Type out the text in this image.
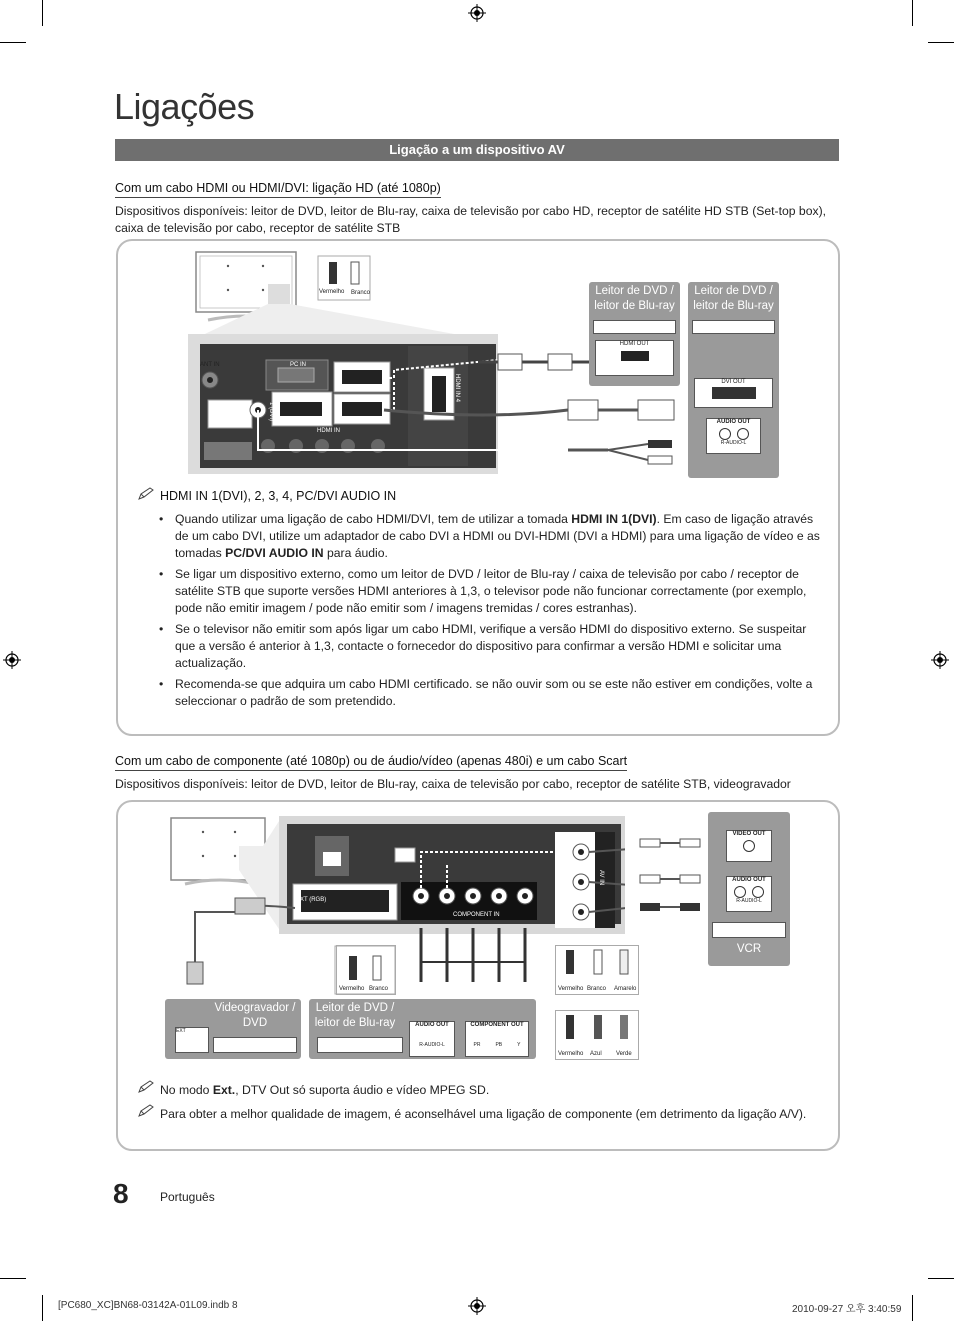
Ligações
Ligação a um dispositivo AV
Com um cabo HDMI ou HDMI/DVI: ligação HD (até 1080p)
Dispositivos disponíveis: leitor de DVD, leitor de Blu-ray, caixa de televisão por cabo HD, receptor de satélite HD STB (Set-top box), caixa de televisão por cabo, receptor de satélite STB
Vermelho Branco
PC / DVI AUDIO IN
HDMI IN
HDMI IN 4
1 (DVI)
PC IN
ANT IN
Leitor de DVD / leitor de Blu-ray
HDMI OUT
Leitor de DVD / leitor de Blu-ray
DVI OUT
AUDIO OUT
R-AUDIO-L
HDMI IN 1(DVI), 2, 3, 4, PC/DVI AUDIO IN
• Quando utilizar uma ligação de cabo HDMI/DVI, tem de utilizar a tomada HDMI IN 1(DVI). Em caso de ligação através de um cabo DVI, utilize um adaptador de cabo DVI a HDMI ou DVI-HDMI (DVI a HDMI) para uma ligação de vídeo e as tomadas PC/DVI AUDIO IN para áudio.
• Se ligar um dispositivo externo, como um leitor de DVD / leitor de Blu-ray / caixa de televisão por cabo / receptor de satélite STB que suporte versões HDMI anteriores à 1,3, o televisor pode não funcionar correctamente (por exemplo, pode não emitir imagem / pode não emitir som / imagens tremidas / cores estranhas).
• Se o televisor não emitir som após ligar um cabo HDMI, verifique a versão HDMI do dispositivo externo. Se suspeitar que a versão é anterior à 1,3, contacte o fornecedor do dispositivo para confirmar a versão HDMI e solicitar uma actualização.
• Recomenda-se que adquira um cabo HDMI certificado. se não ouvir som ou se este não estiver em condições, volte a seleccionar o padrão de som pretendido.
Com um cabo de componente (até 1080p) ou de áudio/vídeo (apenas 480i) e um cabo Scart
Dispositivos disponíveis: leitor de DVD, leitor de Blu-ray, caixa de televisão por cabo, receptor de satélite STB, videogravador
EXT (RGB)
COMPONENT IN
AV IN
Vermelho Branco	Vermelho Branco Amarelo
Vermelho Azul Verde
VIDEO OUT
AUDIO OUT
R-AUDIO-L
VCR
Videogravador / DVD
EXT
Leitor de DVD / leitor de Blu-ray	AUDIO OUT
R-AUDIO-L
COMPONENT OUT
PR	PB	Y
No modo Ext., DTV Out só suporta áudio e vídeo MPEG SD.
Para obter a melhor qualidade de imagem, é aconselhável uma ligação de componente (em detrimento da ligação A/V).
8	Português
[PC680_XC]BN68-03142A-01L09.indb 8	2010-09-27 오후 3:40:59
